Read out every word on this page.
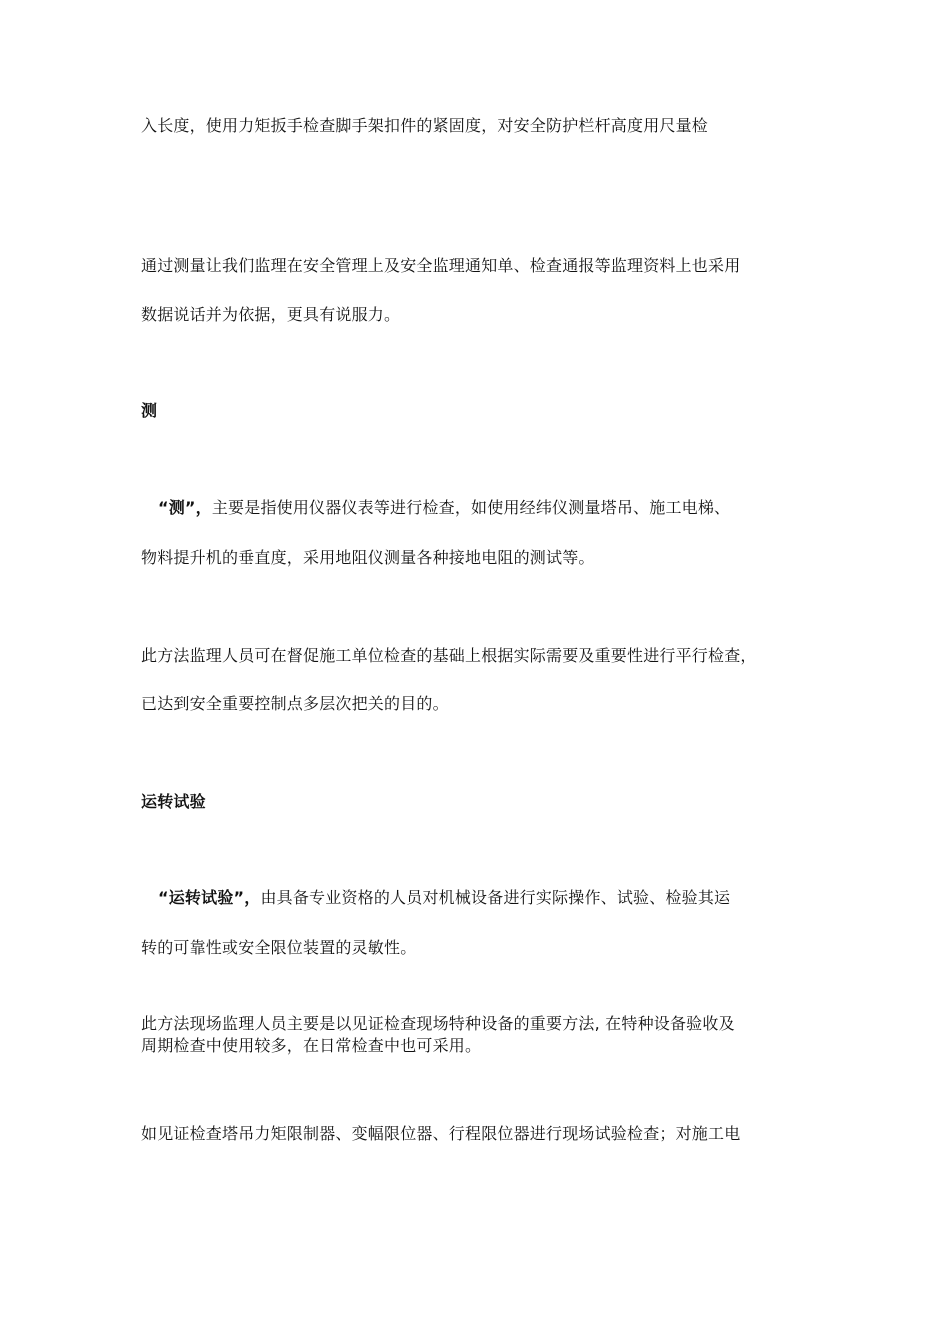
入长度，使用力矩扳手检查脚手架扣件的紧固度，对安全防护栏杆高度用尺量检
通过测量让我们监理在安全管理上及安全监理通知单、检查通报等监理资料上也采用
数据说话并为依据，更具有说服力。
测
“测”，主要是指使用仪器仪表等进行检查，如使用经纬仪测量塔吊、施工电梯、
物料提升机的垂直度，采用地阻仪测量各种接地电阻的测试等。
此方法监理人员可在督促施工单位检查的基础上根据实际需要及重要性进行平行检查，
已达到安全重要控制点多层次把关的目的。
运转试验
“运转试验”，由具备专业资格的人员对机械设备进行实际操作、试验、检验其运
转的可靠性或安全限位装置的灵敏性。
此方法现场监理人员主要是以见证检查现场特种设备的重要方法, 在特种设备验收及
周期检查中使用较多，在日常检查中也可采用。
如见证检查塔吊力矩限制器、变幅限位器、行程限位器进行现场试验检查；对施工电
